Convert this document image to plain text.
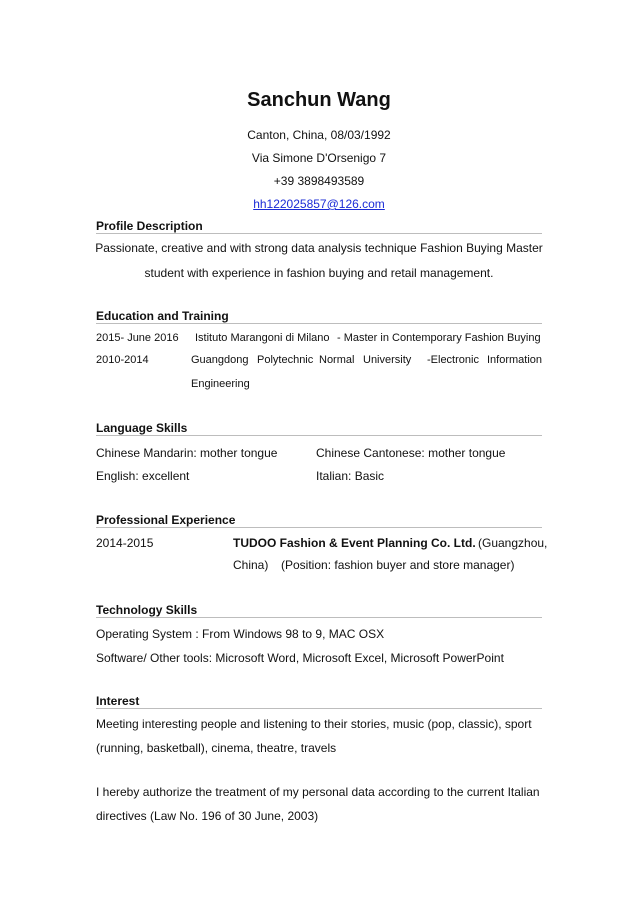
Sanchun Wang
Canton, China, 08/03/1992
Via Simone D'Orsenigo 7
+39 3898493589
hh122025857@126.com
Profile Description
Passionate, creative and with strong data analysis technique Fashion Buying Master
student with experience in fashion buying and retail management.
Education and Training
2015- June 2016 Istituto Marangoni di Milano - Master in Contemporary Fashion Buying
2010-2014	Guangdong Polytechnic Normal University -Electronic Information
Engineering
Language Skills
Chinese Mandarin: mother tongue	Chinese Cantonese: mother tongue
English: excellent	Italian: Basic
Professional Experience
2014-2015	TUDOO Fashion & Event Planning Co. Ltd. (Guangzhou,
China) (Position: fashion buyer and store manager)
Technology Skills
Operating System : From Windows 98 to 9, MAC OSX
Software/ Other tools: Microsoft Word, Microsoft Excel, Microsoft PowerPoint
Interest
Meeting interesting people and listening to their stories, music (pop, classic), sport
(running, basketball), cinema, theatre, travels
I hereby authorize the treatment of my personal data according to the current Italian
directives (Law No. 196 of 30 June, 2003)
